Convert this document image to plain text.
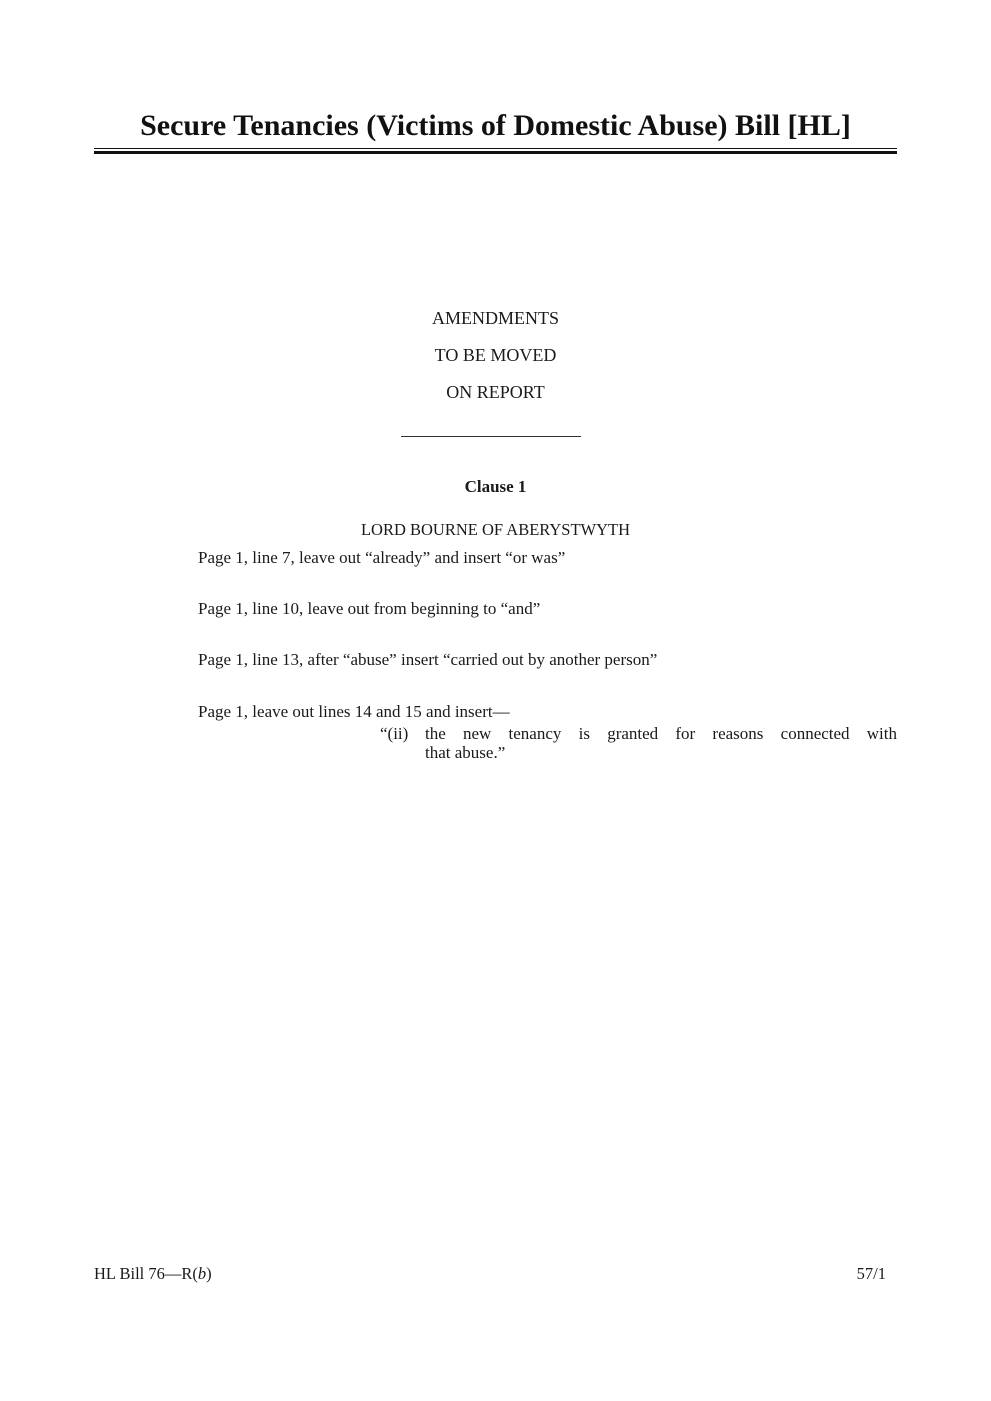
Secure Tenancies (Victims of Domestic Abuse) Bill [HL]
AMENDMENTS
TO BE MOVED
ON REPORT
Clause 1
LORD BOURNE OF ABERYSTWYTH
Page 1, line 7, leave out “already” and insert “or was”
Page 1, line 10, leave out from beginning to “and”
Page 1, line 13, after “abuse” insert “carried out by another person”
Page 1, leave out lines 14 and 15 and insert—
“(ii) the new tenancy is granted for reasons connected with
that abuse.”
HL Bill 76—R(b)	57/1
